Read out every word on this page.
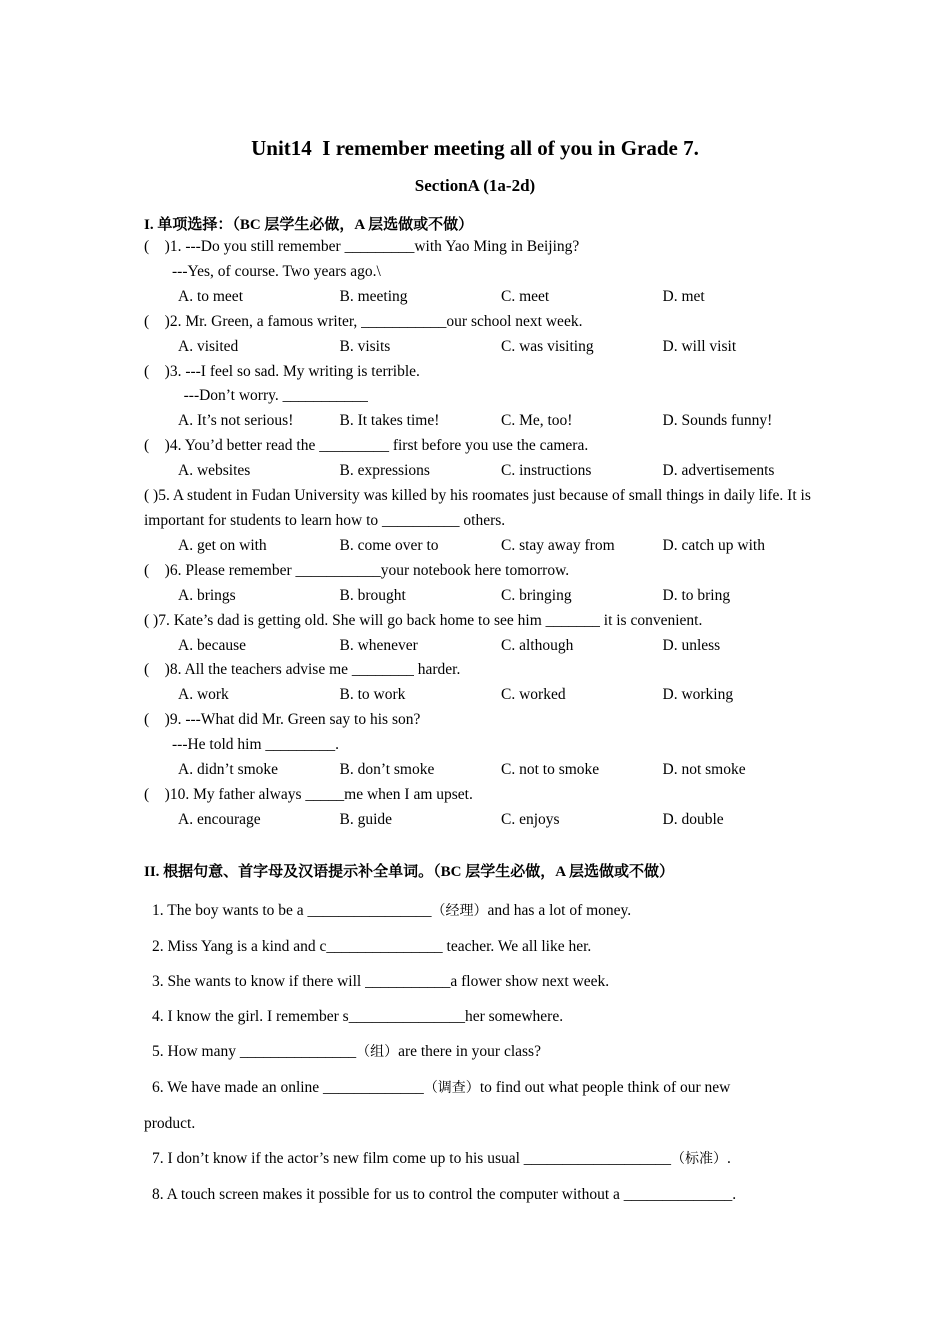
Unit14  I remember meeting all of you in Grade 7.
SectionA (1a-2d)
I. 单项选择：（BC 层学生必做，A 层选做或不做）
(    )1. ---Do you still remember _________with Yao Ming in Beijing?
---Yes, of course. Two years ago.\
A. to meet	B. meeting	C. meet	D. met
(    )2. Mr. Green, a famous writer, ___________our school next week.
A. visited	B. visits	C. was visiting	D. will visit
(    )3. ---I feel so sad. My writing is terrible.
---Don’t worry. ___________
A. It’s not serious!	B. It takes time!	C. Me, too!	D. Sounds funny!
(    )4. You’d better read the _________ first before you use the camera.
A. websites	B. expressions	C. instructions	D. advertisements
( )5. A student in Fudan University was killed by his roomates just because of small things in daily life. It is important for students to learn how to __________ others.
A. get on with	B. come over to	C. stay away from	D. catch up with
(    )6. Please remember ___________your notebook here tomorrow.
A. brings	B. brought	C. bringing	D. to bring
( )7. Kate’s dad is getting old. She will go back home to see him _______ it is convenient.
A. because	B. whenever	C. although	D. unless
(    )8. All the teachers advise me ________ harder.
A. work	B. to work	C. worked	D. working
(    )9. ---What did Mr. Green say to his son?
---He told him _________.
A. didn’t smoke	B. don’t smoke	C. not to smoke	D. not smoke
(    )10. My father always _____me when I am upset.
A. encourage	B. guide	C. enjoys	D. double
II. 根据句意、首字母及汉语提示补全单词。（BC 层学生必做，A 层选做或不做）
1. The boy wants to be a ________________（经理）and has a lot of money.
2. Miss Yang is a kind and c_______________ teacher. We all like her.
3. She wants to know if there will ___________a flower show next week.
4. I know the girl. I remember s_______________her somewhere.
5. How many _______________（组）are there in your class?
6. We have made an online _____________（调查）to find out what people think of our new
product.
7. I don’t know if the actor’s new film come up to his usual ___________________（标准）.
8. A touch screen makes it possible for us to control the computer without a ______________.
